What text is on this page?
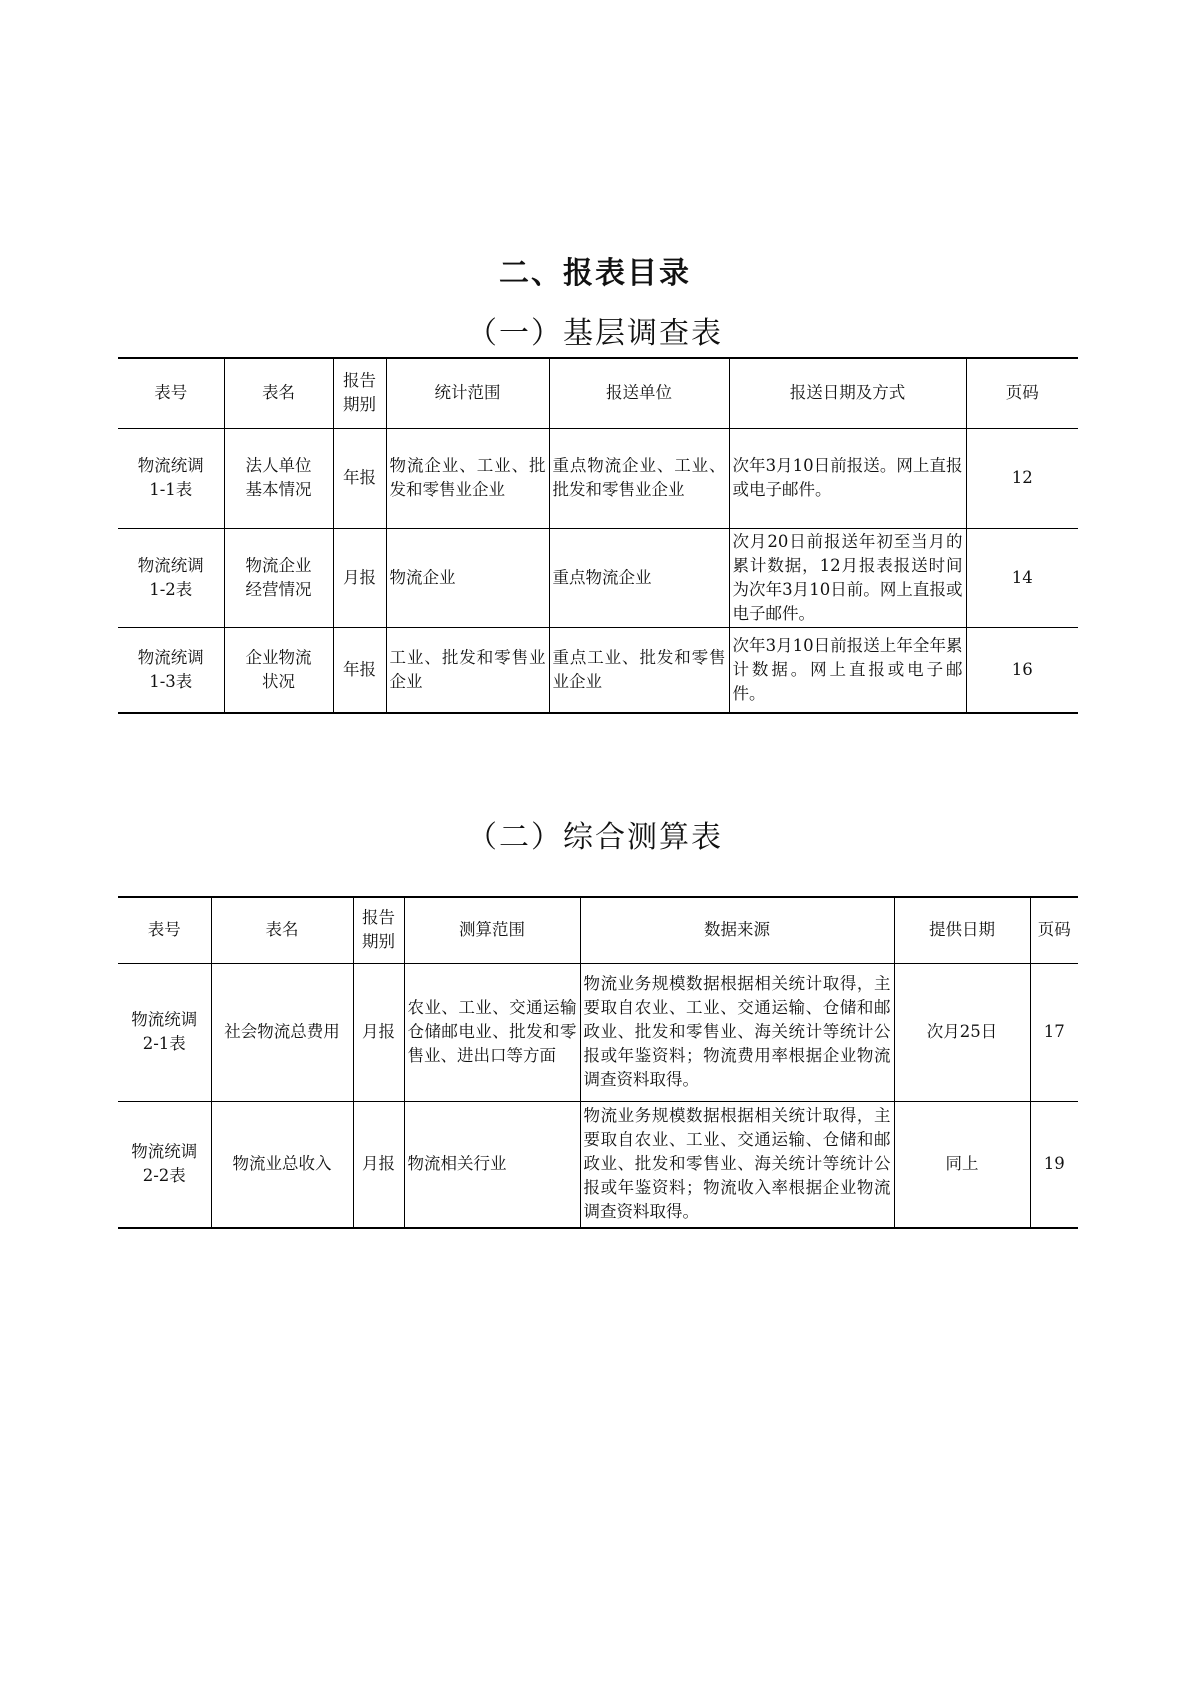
二、报表目录
（一）基层调查表
表号	表名	报告期别	统计范围	报送单位	报送日期及方式	页码
物流统调1-1表	法人单位基本情况	年报	物流企业、工业、批发和零售业企业	重点物流企业、工业、批发和零售业企业	次年3月10日前报送。网上直报或电子邮件。	12
物流统调1-2表	物流企业经营情况	月报	物流企业	重点物流企业	次月20日前报送年初至当月的累计数据，12月报表报送时间为次年3月10日前。网上直报或电子邮件。	14
物流统调1-3表	企业物流状况	年报	工业、批发和零售业企业	重点工业、批发和零售业企业	次年3月10日前报送上年全年累计数据。网上直报或电子邮件。	16
（二）综合测算表
表号	表名	报告期别	测算范围	数据来源	提供日期	页码
物流统调2-1表	社会物流总费用	月报	农业、工业、交通运输仓储邮电业、批发和零售业、进出口等方面	物流业务规模数据根据相关统计取得，主要取自农业、工业、交通运输、仓储和邮政业、批发和零售业、海关统计等统计公报或年鉴资料；物流费用率根据企业物流调查资料取得。	次月25日	17
物流统调2-2表	物流业总收入	月报	物流相关行业	物流业务规模数据根据相关统计取得，主要取自农业、工业、交通运输、仓储和邮政业、批发和零售业、海关统计等统计公报或年鉴资料；物流收入率根据企业物流调查资料取得。	同上	19
